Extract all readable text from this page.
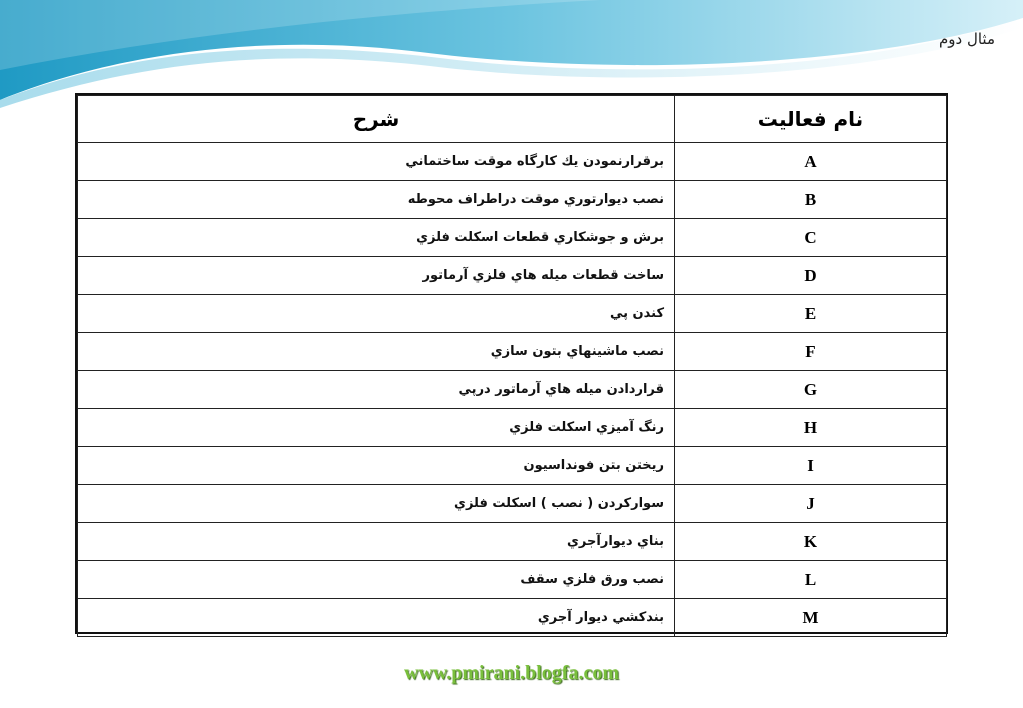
مثال دوم
شرح	نام فعالیت
برقرارنمودن يك كارگاه موقت ساختماني	A
نصب ديوارتوري موقت دراطراف محوطه	B
برش و جوشكاري قطعات اسكلت فلزي	C
ساخت قطعات ميله هاي فلزي آرماتور	D
كندن پي	E
نصب ماشينهاي بتون سازي	F
قراردادن ميله هاي آرماتور درپي	G
رنگ آميزي اسكلت فلزي	H
ريختن بتن فونداسيون	I
سواركردن ( نصب ) اسكلت فلزي	J
بناي ديوارآجري	K
نصب ورق فلزي سقف	L
بندكشي ديوار آجري	M
www.pmirani.blogfa.com
